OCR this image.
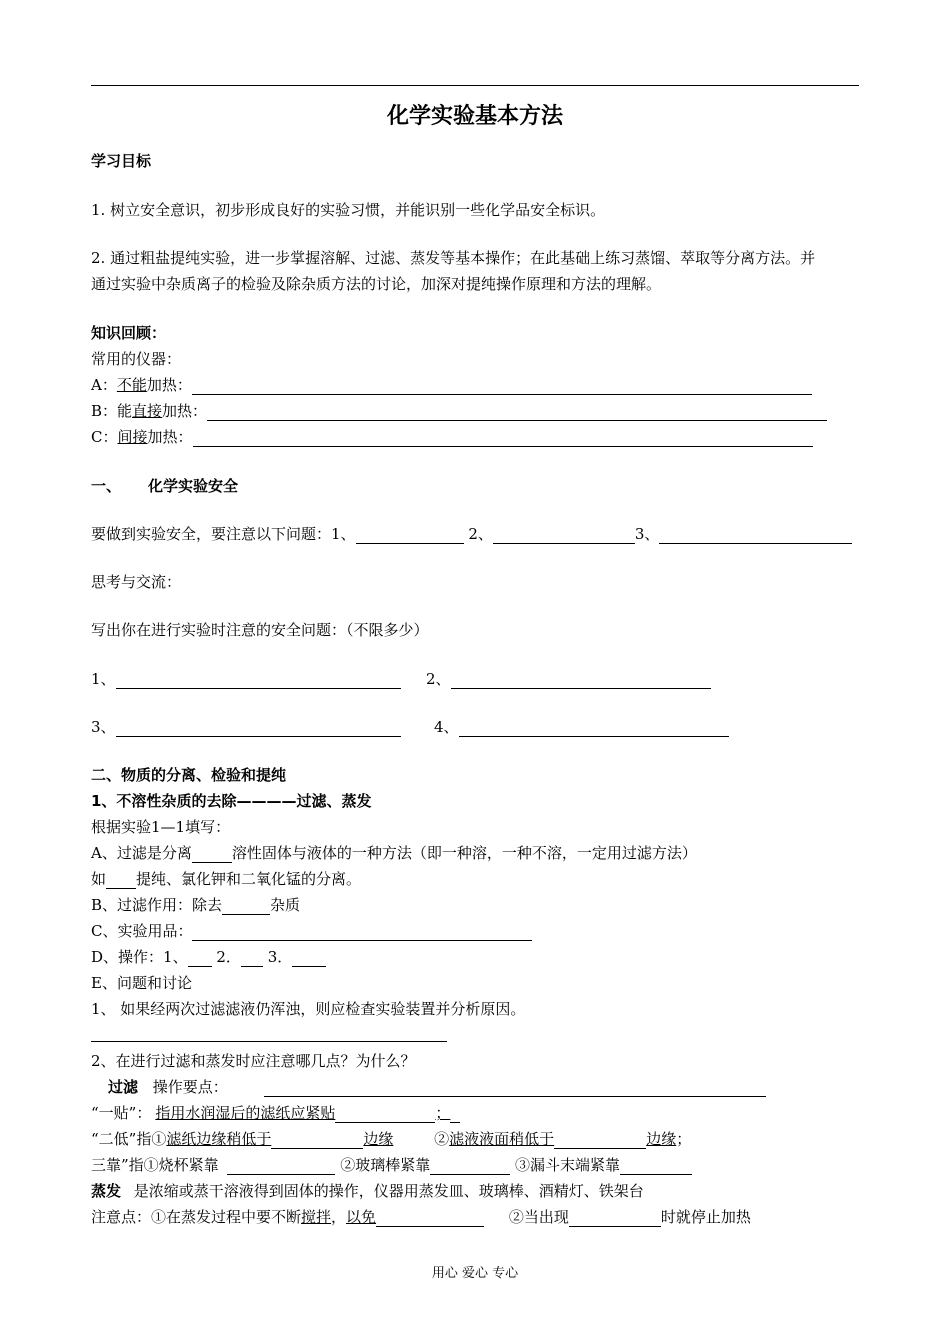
化学实验基本方法
学习目标
1. 树立安全意识，初步形成良好的实验习惯，并能识别一些化学品安全标识。
2. 通过粗盐提纯实验，进一步掌握溶解、过滤、蒸发等基本操作；在此基础上练习蒸馏、萃取等分离方法。并
通过实验中杂质离子的检验及除杂质方法的讨论，加深对提纯操作原理和方法的理解。
知识回顾：
常用的仪器：
A：不能加热：
B：能直接加热：
C：间接加热：
一、 化学实验安全
要做到实验安全，要注意以下问题：1、	2、	3、
思考与交流：
写出你在进行实验时注意的安全问题：（不限多少）
1、	2、
3、	4、
二、物质的分离、检验和提纯
1、不溶性杂质的去除————过滤、蒸发
根据实验1—1填写：
A、过滤是分离	溶性固体与液体的一种方法（即一种溶，一种不溶，一定用过滤方法）
如 提纯、氯化钾和二氧化锰的分离。
B、过滤作用：除去	杂质
C、实验用品：
D、操作：1、 2． 3．
E、问题和讨论
1、 如果经两次过滤滤液仍浑浊，则应检查实验装置并分析原因。
2、在进行过滤和蒸发时应注意哪几点？为什么？
过滤 操作要点：
“一贴”： 指用水润湿后的滤纸应紧贴	；
“二低”指①滤纸边缘稍低于	边缘	②滤液液面稍低于	边缘；
三靠”指①烧杯紧靠	②玻璃棒紧靠	③漏斗末端紧靠
蒸发 是浓缩或蒸干溶液得到固体的操作，仪器用蒸发皿、玻璃棒、酒精灯、铁架台
注意点：①在蒸发过程中要不断搅拌，以免	②当出现	时就停止加热
用心 爱心 专心
